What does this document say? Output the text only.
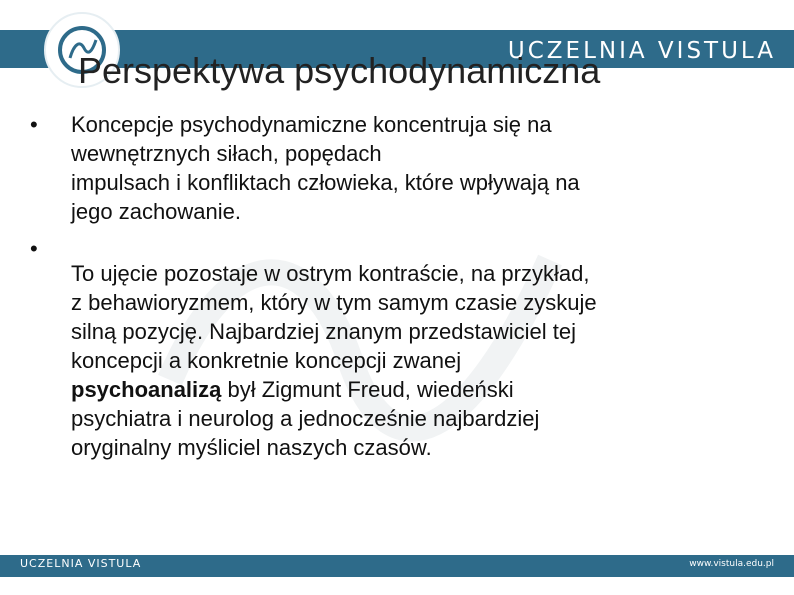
UCZELNIA VISTULA
Perspektywa psychodynamiczna
• Koncepcje psychodynamiczne koncentruja się na
wewnętrznych siłach, popędach
impulsach i konfliktach człowieka, które wpływają na
jego zachowanie.
•
To ujęcie pozostaje w ostrym kontraście, na przykład,
z behawioryzmem, który w tym samym czasie zyskuje
silną pozycję. Najbardziej znanym przedstawiciel tej
koncepcji a konkretnie koncepcji zwanej
psychoanalizą był Zigmunt Freud, wiedeński
psychiatra i neurolog a jednocześnie najbardziej
oryginalny myśliciel naszych czasów.
UCZELNIA VISTULA	www.vistula.edu.pl
